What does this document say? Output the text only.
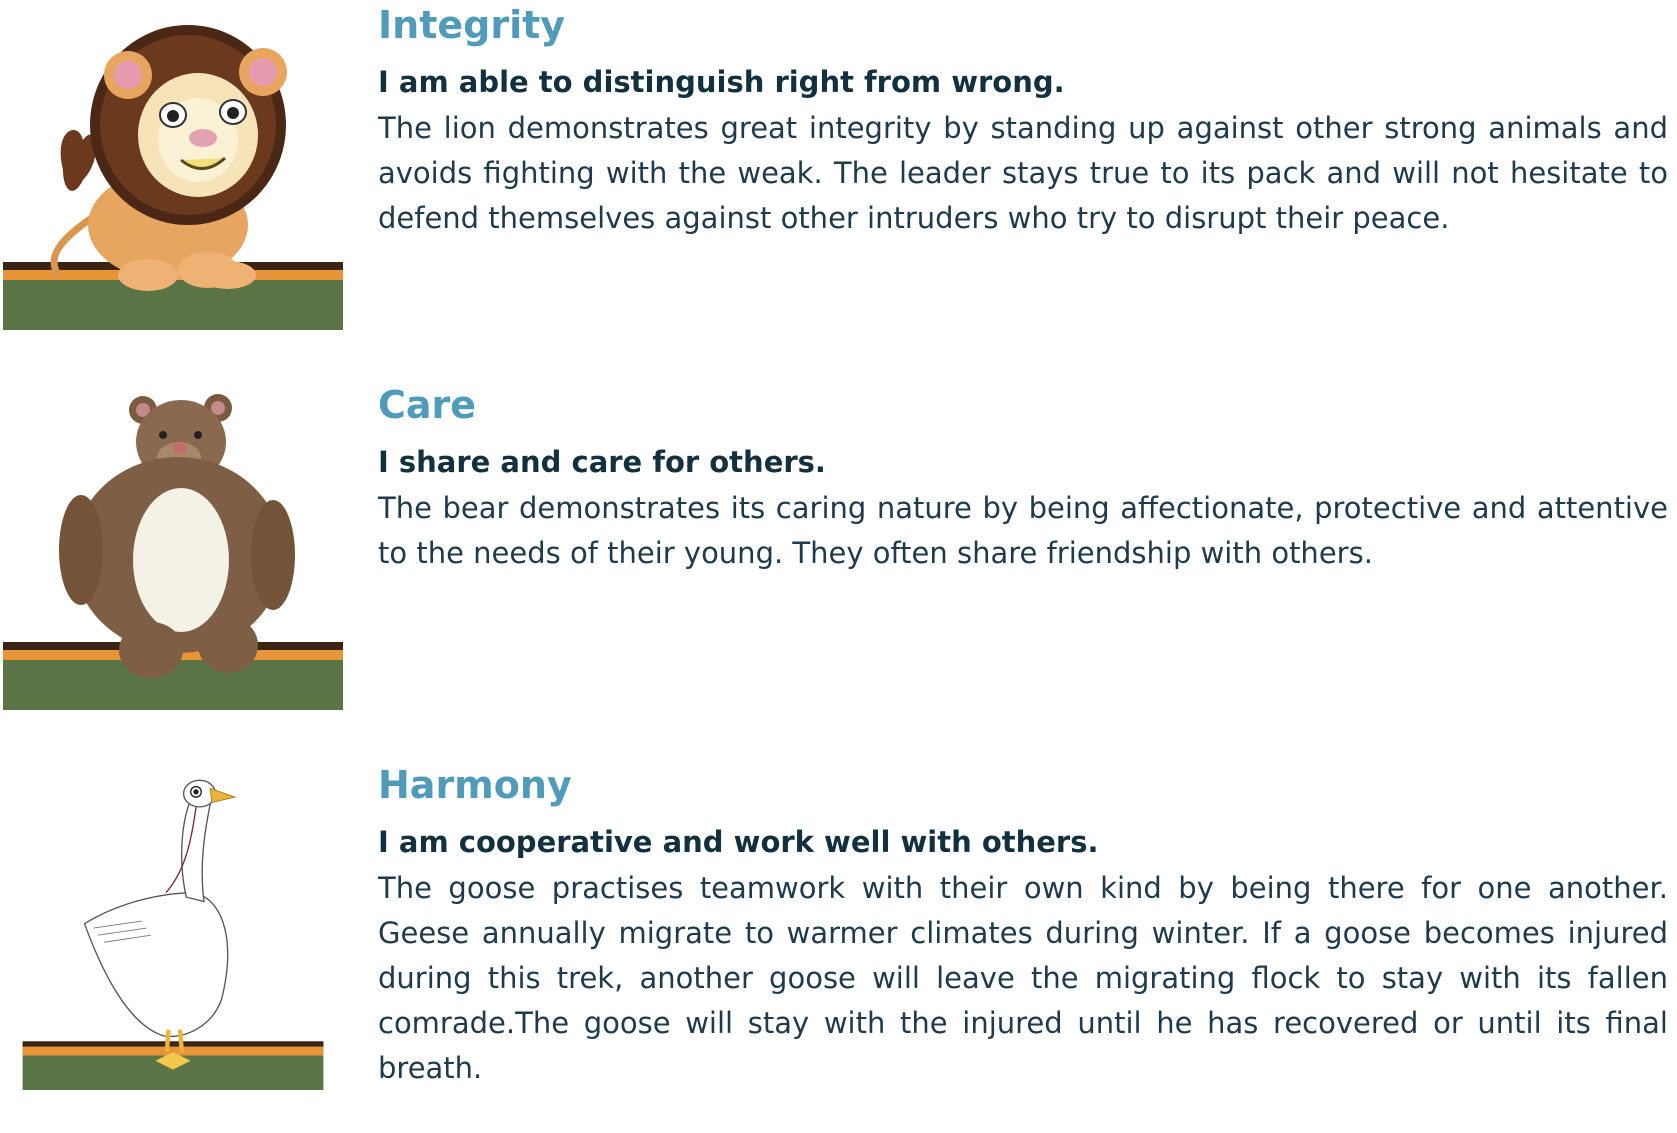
Integrity

I am able to distinguish right from wrong.

The lion demonstrates great integrity by standing up against other strong animals and avoids fighting with the weak. The leader stays true to its pack and will not hesitate to defend themselves against other intruders who try to disrupt their peace.

Care

I share and care for others.

The bear demonstrates its caring nature by being affectionate, protective and attentive to the needs of their young. They often share friendship with others.

Harmony

I am cooperative and work well with others.

The goose practises teamwork with their own kind by being there for one another. Geese annually migrate to warmer climates during winter. If a goose becomes injured during this trek, another goose will leave the migrating flock to stay with its fallen comrade.The goose will stay with the injured until he has recovered or until its final breath.
